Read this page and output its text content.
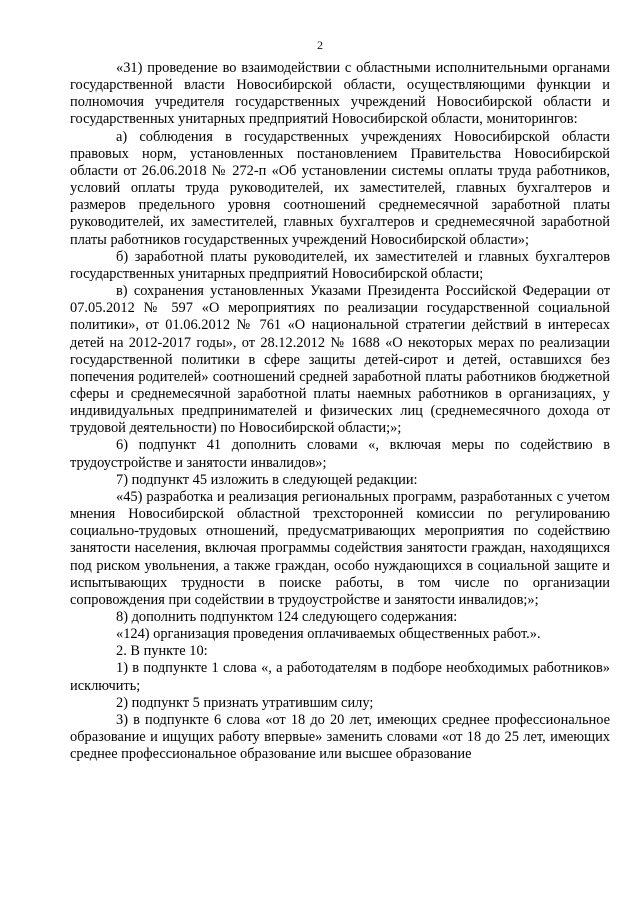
2

«31) проведение во взаимодействии с областными исполнительными органами государственной власти Новосибирской области, осуществляющими функции и полномочия учредителя государственных учреждений Новосибирской области и государственных унитарных предприятий Новосибирской области, мониторингов:

а) соблюдения в государственных учреждениях Новосибирской области правовых норм, установленных постановлением Правительства Новосибирской области от 26.06.2018 № 272-п «Об установлении системы оплаты труда работников, условий оплаты труда руководителей, их заместителей, главных бухгалтеров и размеров предельного уровня соотношений среднемесячной заработной платы руководителей, их заместителей, главных бухгалтеров и среднемесячной заработной платы работников государственных учреждений Новосибирской области»;

б) заработной платы руководителей, их заместителей и главных бухгалтеров государственных унитарных предприятий Новосибирской области;

в) сохранения установленных Указами Президента Российской Федерации от 07.05.2012 № 597 «О мероприятиях по реализации государственной социальной политики», от 01.06.2012 № 761 «О национальной стратегии действий в интересах детей на 2012-2017 годы», от 28.12.2012 № 1688 «О некоторых мерах по реализации государственной политики в сфере защиты детей-сирот и детей, оставшихся без попечения родителей» соотношений средней заработной платы работников бюджетной сферы и среднемесячной заработной платы наемных работников в организациях, у индивидуальных предпринимателей и физических лиц (среднемесячного дохода от трудовой деятельности) по Новосибирской области;»;

6) подпункт 41 дополнить словами «, включая меры по содействию в трудоустройстве и занятости инвалидов»;

7) подпункт 45 изложить в следующей редакции:

«45) разработка и реализация региональных программ, разработанных с учетом мнения Новосибирской областной трехсторонней комиссии по регулированию социально-трудовых отношений, предусматривающих мероприятия по содействию занятости населения, включая программы содействия занятости граждан, находящихся под риском увольнения, а также граждан, особо нуждающихся в социальной защите и испытывающих трудности в поиске работы, в том числе по организации сопровождения при содействии в трудоустройстве и занятости инвалидов;»;

8) дополнить подпунктом 124 следующего содержания:

«124) организация проведения оплачиваемых общественных работ.».

2. В пункте 10:

1) в подпункте 1 слова «, а работодателям в подборе необходимых работников» исключить;

2) подпункт 5 признать утратившим силу;

3) в подпункте 6 слова «от 18 до 20 лет, имеющих среднее профессиональное образование и ищущих работу впервые» заменить словами «от 18 до 25 лет, имеющих среднее профессиональное образование или высшее образование
